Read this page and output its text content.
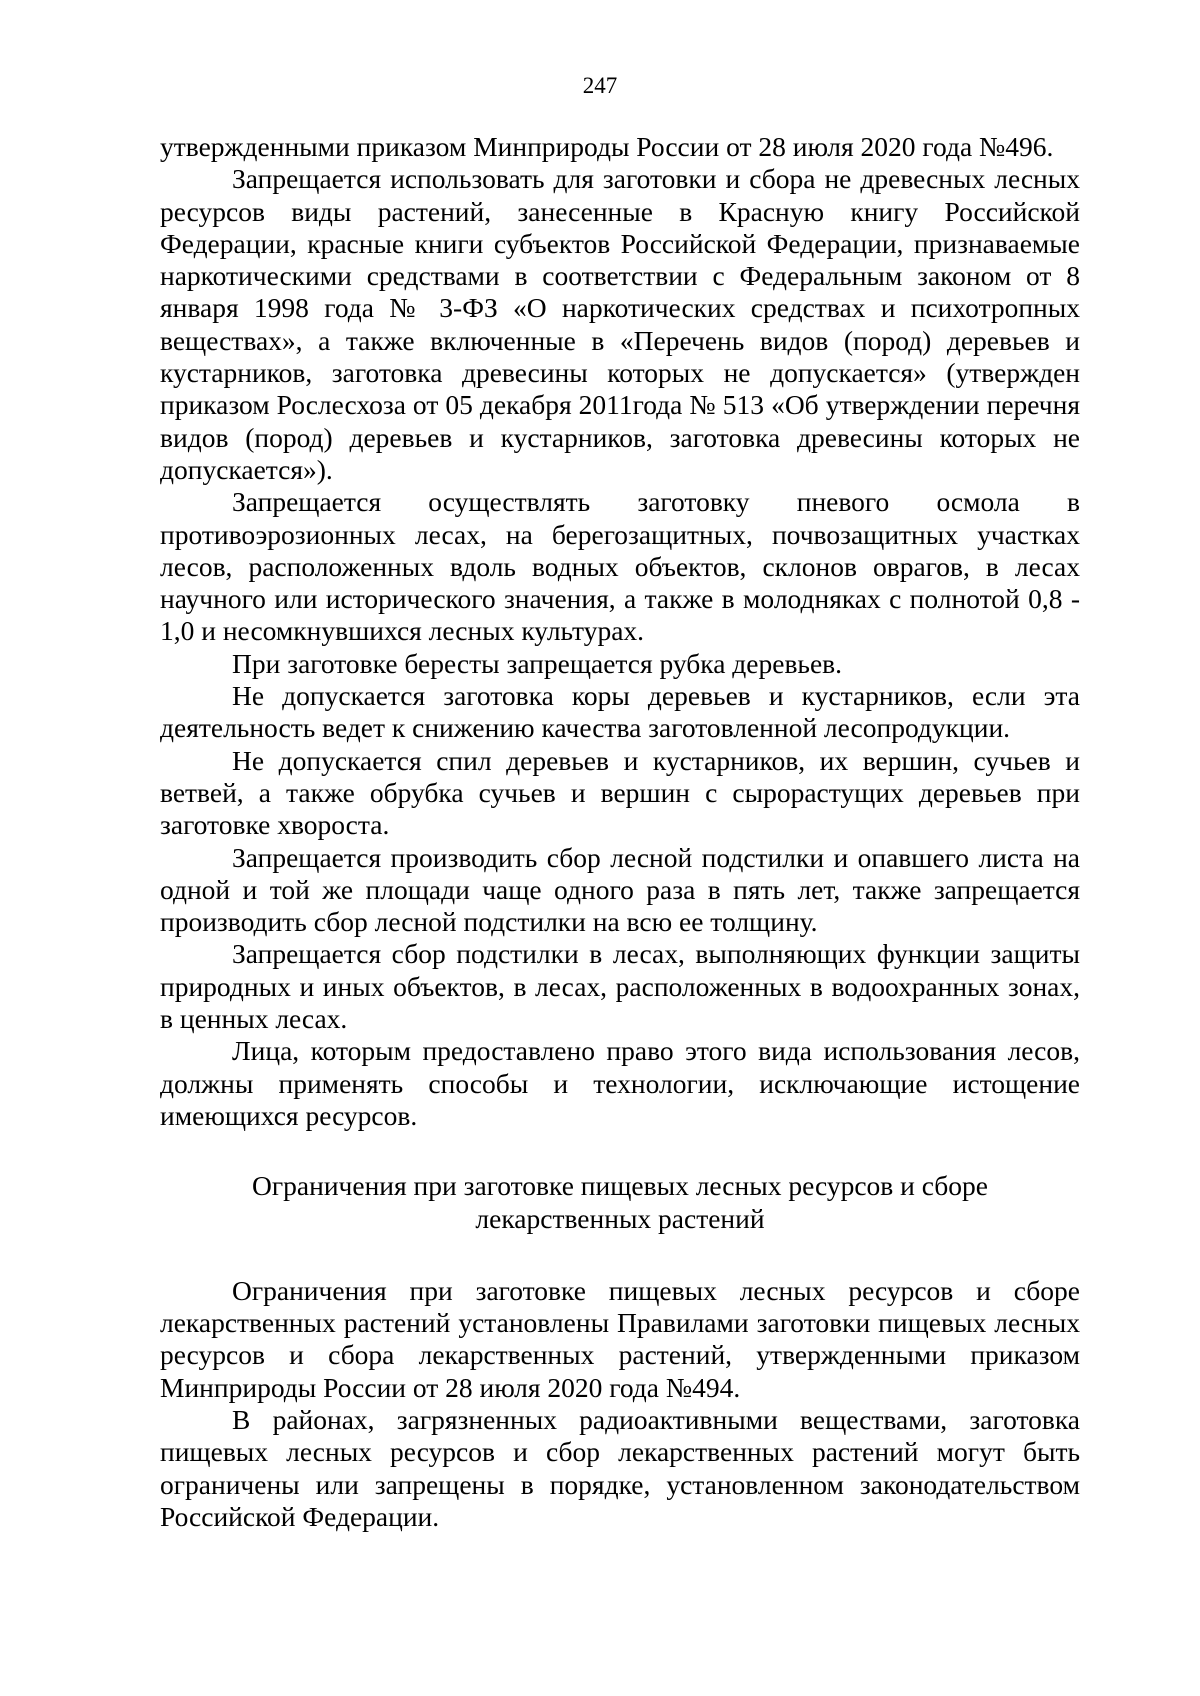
247

утвержденными приказом Минприроды России от 28 июля 2020 года №496.

Запрещается использовать для заготовки и сбора не древесных лесных ресурсов виды растений, занесенные в Красную книгу Российской Федерации, красные книги субъектов Российской Федерации, признаваемые наркотическими средствами в соответствии с Федеральным законом от 8 января 1998 года № 3-ФЗ «О наркотических средствах и психотропных веществах», а также включенные в «Перечень видов (пород) деревьев и кустарников, заготовка древесины которых не допускается» (утвержден приказом Рослесхоза от 05 декабря 2011года № 513 «Об утверждении перечня видов (пород) деревьев и кустарников, заготовка древесины которых не допускается»).

Запрещается осуществлять заготовку пневого осмола в противоэрозионных лесах, на берегозащитных, почвозащитных участках лесов, расположенных вдоль водных объектов, склонов оврагов, в лесах научного или исторического значения, а также в молодняках с полнотой 0,8 - 1,0 и несомкнувшихся лесных культурах.

При заготовке бересты запрещается рубка деревьев.

Не допускается заготовка коры деревьев и кустарников, если эта деятельность ведет к снижению качества заготовленной лесопродукции.

Не допускается спил деревьев и кустарников, их вершин, сучьев и ветвей, а также обрубка сучьев и вершин с сырорастущих деревьев при заготовке хвороста.

Запрещается производить сбор лесной подстилки и опавшего листа на одной и той же площади чаще одного раза в пять лет, также запрещается производить сбор лесной подстилки на всю ее толщину.

Запрещается сбор подстилки в лесах, выполняющих функции защиты природных и иных объектов, в лесах, расположенных в водоохранных зонах, в ценных лесах.

Лица, которым предоставлено право этого вида использования лесов, должны применять способы и технологии, исключающие истощение имеющихся ресурсов.

Ограничения при заготовке пищевых лесных ресурсов и сборе лекарственных растений

Ограничения при заготовке пищевых лесных ресурсов и сборе лекарственных растений установлены Правилами заготовки пищевых лесных ресурсов и сбора лекарственных растений, утвержденными приказом Минприроды России от 28 июля 2020 года №494.

В районах, загрязненных радиоактивными веществами, заготовка пищевых лесных ресурсов и сбор лекарственных растений могут быть ограничены или запрещены в порядке, установленном законодательством Российской Федерации.
